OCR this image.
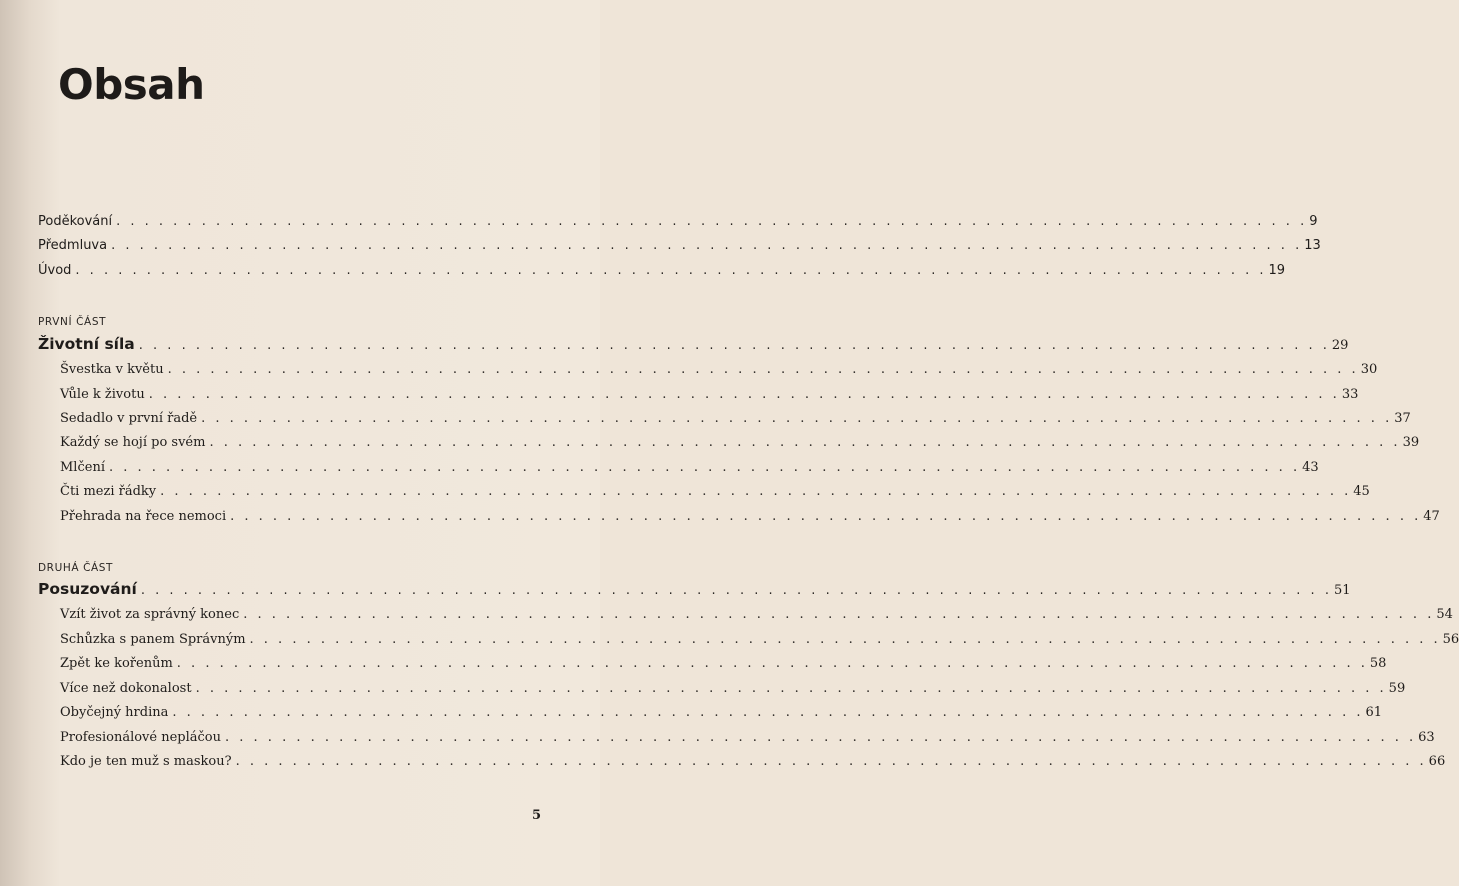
Obsah
Poděkování . . . . . . . . . . . . . . . . . . . . . . . . . . . . . . . . . . . . . . . . . . . . . . . . . . . . . . . . . . . . . . . . . . . . . . . . . . . . . . . . . . . . 9
Předmluva . . . . . . . . . . . . . . . . . . . . . . . . . . . . . . . . . . . . . . . . . . . . . . . . . . . . . . . . . . . . . . . . . . . . . . . . . . . . . . . . . . . . 13
Úvod . . . . . . . . . . . . . . . . . . . . . . . . . . . . . . . . . . . . . . . . . . . . . . . . . . . . . . . . . . . . . . . . . . . . . . . . . . . . . . . . . . . . 19
PRVNÍ ČÁST
Životní síla . . . . . . . . . . . . . . . . . . . . . . . . . . . . . . . . . . . . . . . . . . . . . . . . . . . . . . . . . . . . . . . . . . . . . . . . . . . . . . . . . . . . 29
Švestka v květu . . . . . . . . . . . . . . . . . . . . . . . . . . . . . . . . . . . . . . . . . . . . . . . . . . . . . . . . . . . . . . . . . . . . . . . . . . . . . . . . . . . . 30
Vůle k životu . . . . . . . . . . . . . . . . . . . . . . . . . . . . . . . . . . . . . . . . . . . . . . . . . . . . . . . . . . . . . . . . . . . . . . . . . . . . . . . . . . . . 33
Sedadlo v první řadě . . . . . . . . . . . . . . . . . . . . . . . . . . . . . . . . . . . . . . . . . . . . . . . . . . . . . . . . . . . . . . . . . . . . . . . . . . . . . . . . . . . . 37
Každý se hojí po svém . . . . . . . . . . . . . . . . . . . . . . . . . . . . . . . . . . . . . . . . . . . . . . . . . . . . . . . . . . . . . . . . . . . . . . . . . . . . . . . . . . . . 39
Mlčení . . . . . . . . . . . . . . . . . . . . . . . . . . . . . . . . . . . . . . . . . . . . . . . . . . . . . . . . . . . . . . . . . . . . . . . . . . . . . . . . . . . . 43
Čti mezi řádky . . . . . . . . . . . . . . . . . . . . . . . . . . . . . . . . . . . . . . . . . . . . . . . . . . . . . . . . . . . . . . . . . . . . . . . . . . . . . . . . . . . . 45
Přehrada na řece nemoci . . . . . . . . . . . . . . . . . . . . . . . . . . . . . . . . . . . . . . . . . . . . . . . . . . . . . . . . . . . . . . . . . . . . . . . . . . . . . . . . . . . . 47
DRUHÁ ČÁST
Posuzování . . . . . . . . . . . . . . . . . . . . . . . . . . . . . . . . . . . . . . . . . . . . . . . . . . . . . . . . . . . . . . . . . . . . . . . . . . . . . . . . . . . . 51
Vzít život za správný konec . . . . . . . . . . . . . . . . . . . . . . . . . . . . . . . . . . . . . . . . . . . . . . . . . . . . . . . . . . . . . . . . . . . . . . . . . . . . . . . . . . . . 54
Schůzka s panem Správným . . . . . . . . . . . . . . . . . . . . . . . . . . . . . . . . . . . . . . . . . . . . . . . . . . . . . . . . . . . . . . . . . . . . . . . . . . . . . . . . . . . . 56
Zpět ke kořenům . . . . . . . . . . . . . . . . . . . . . . . . . . . . . . . . . . . . . . . . . . . . . . . . . . . . . . . . . . . . . . . . . . . . . . . . . . . . . . . . . . . . 58
Více než dokonalost . . . . . . . . . . . . . . . . . . . . . . . . . . . . . . . . . . . . . . . . . . . . . . . . . . . . . . . . . . . . . . . . . . . . . . . . . . . . . . . . . . . . 59
Obyčejný hrdina . . . . . . . . . . . . . . . . . . . . . . . . . . . . . . . . . . . . . . . . . . . . . . . . . . . . . . . . . . . . . . . . . . . . . . . . . . . . . . . . . . . . 61
Profesionálové nepláčou . . . . . . . . . . . . . . . . . . . . . . . . . . . . . . . . . . . . . . . . . . . . . . . . . . . . . . . . . . . . . . . . . . . . . . . . . . . . . . . . . . . . 63
Kdo je ten muž s maskou? . . . . . . . . . . . . . . . . . . . . . . . . . . . . . . . . . . . . . . . . . . . . . . . . . . . . . . . . . . . . . . . . . . . . . . . . . . . . . . . . . . . . 66
5
